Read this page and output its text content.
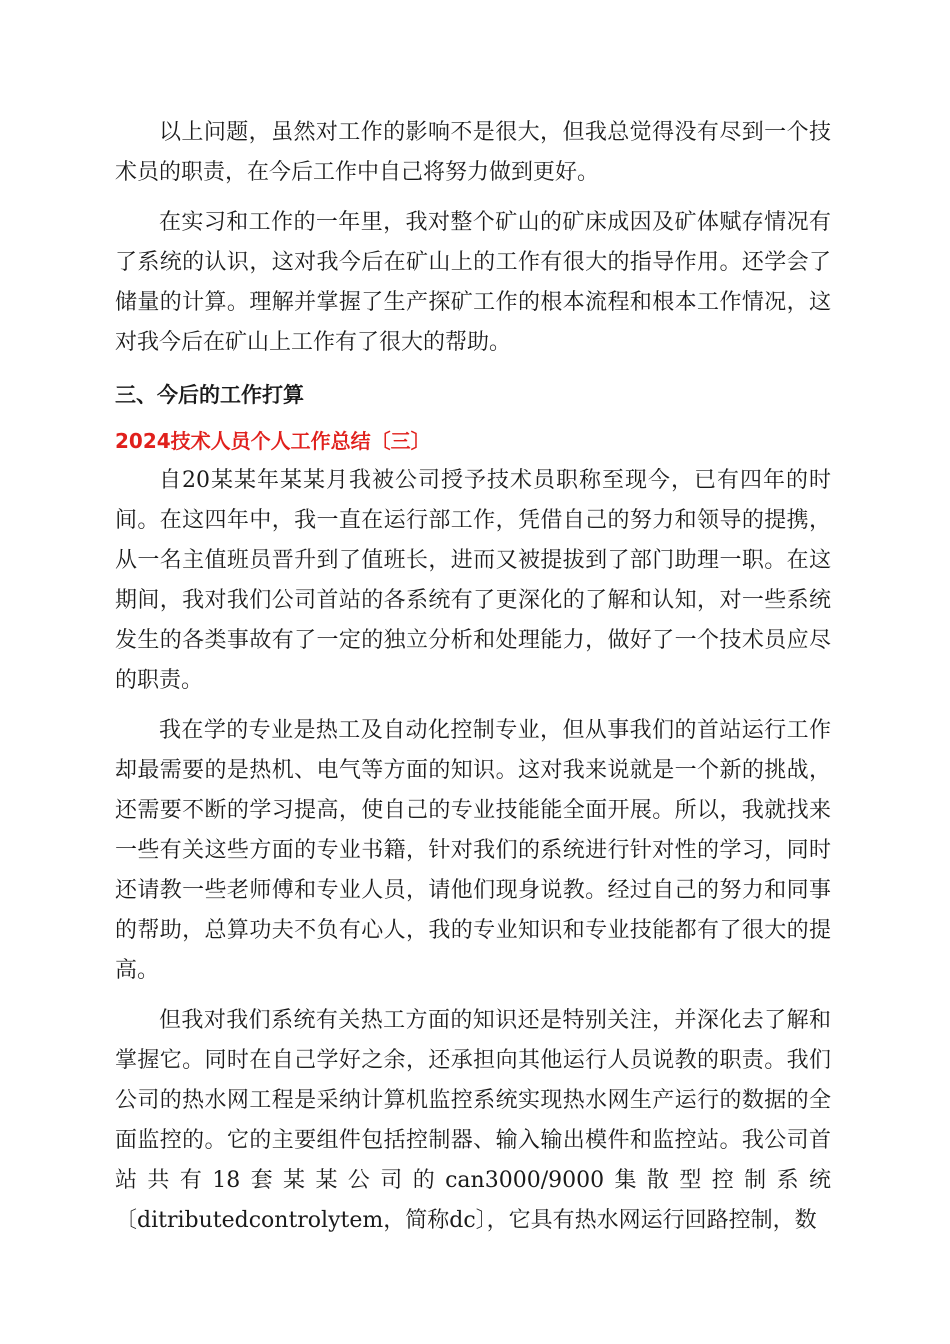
以上问题，虽然对工作的影响不是很大，但我总觉得没有尽到一个技术员的职责，在今后工作中自己将努力做到更好。

在实习和工作的一年里，我对整个矿山的矿床成因及矿体赋存情况有了系统的认识，这对我今后在矿山上的工作有很大的指导作用。还学会了储量的计算。理解并掌握了生产探矿工作的根本流程和根本工作情况，这对我今后在矿山上工作有了很大的帮助。

三、今后的工作打算

2024技术人员个人工作总结〔三〕

自20某某年某某月我被公司授予技术员职称至现今，已有四年的时间。在这四年中，我一直在运行部工作，凭借自己的努力和领导的提携，从一名主值班员晋升到了值班长，进而又被提拔到了部门助理一职。在这期间，我对我们公司首站的各系统有了更深化的了解和认知，对一些系统发生的各类事故有了一定的独立分析和处理能力，做好了一个技术员应尽的职责。

我在学的专业是热工及自动化控制专业，但从事我们的首站运行工作却最需要的是热机、电气等方面的知识。这对我来说就是一个新的挑战，还需要不断的学习提高，使自己的专业技能能全面开展。所以，我就找来一些有关这些方面的专业书籍，针对我们的系统进行针对性的学习，同时还请教一些老师傅和专业人员，请他们现身说教。经过自己的努力和同事的帮助，总算功夫不负有心人，我的专业知识和专业技能都有了很大的提高。

但我对我们系统有关热工方面的知识还是特别关注，并深化去了解和掌握它。同时在自己学好之余，还承担向其他运行人员说教的职责。我们公司的热水网工程是采纳计算机监控系统实现热水网生产运行的数据的全面监控的。它的主要组件包括控制器、输入输出模件和监控站。我公司首站共有18套某某公司的can3000/9000集散型控制系统〔ditributedcontrolytem，简称dc〕，它具有热水网运行回路控制，数
